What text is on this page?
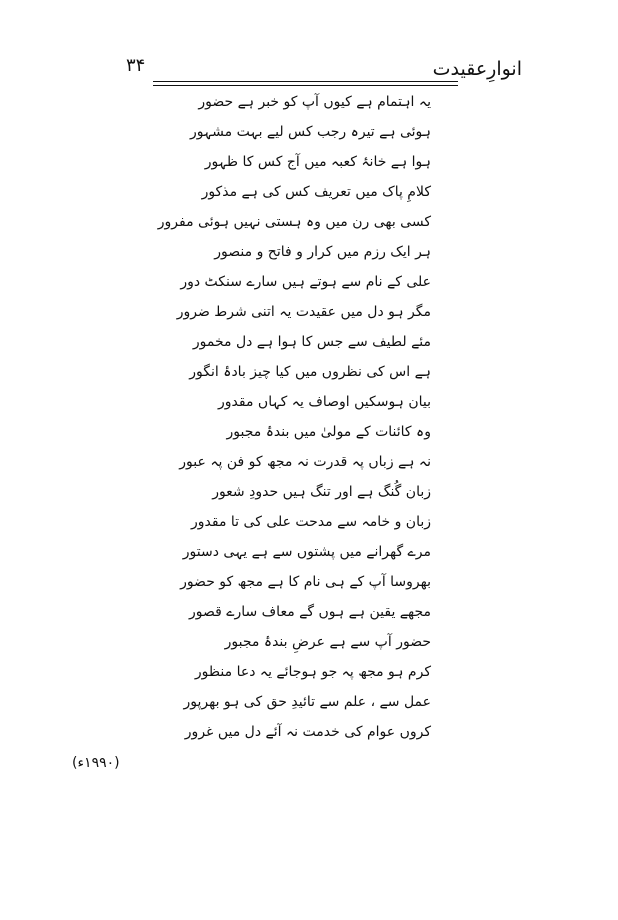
انوارِعقیدت
۳۴
یہ اہتمام ہے کیوں آپ کو خبر ہے حضور
ہوئی ہے تیرہ رجب کس لیے بہت مشہور
ہوا ہے خانۂ کعبہ میں آج کس کا ظہور
کلامِ پاک میں تعریف کس کی ہے مذکور
کسی بھی رن میں وہ ہستی نہیں ہوئی مفرور
ہر ایک رزم میں کرار و فاتح و منصور
علی کے نام سے ہوتے ہیں سارے سنکٹ دور
مگر ہو دل میں عقیدت یہ اتنی شرط ضرور
مئے لطیف سے جس کا ہوا ہے دل مخمور
ہے اس کی نظروں میں کیا چیز بادۂ انگور
بیان ہوسکیں اوصاف یہ کہاں مقدور
وہ کائنات کے مولیٰ میں بندۂ مجبور
نہ ہے زباں پہ قدرت نہ مجھ کو فن پہ عبور
زبان گُنگ ہے اور تنگ ہیں حدودِ شعور
زبان و خامہ سے مدحت علی کی تا مقدور
مرے گھرانے میں پشتوں سے ہے یہی دستور
بھروسا آپ کے ہی نام کا ہے مجھ کو حضور
مجھے یقین ہے ہوں گے معاف سارے قصور
حضور آپ سے ہے عرضِ بندۂ مجبور
کرم ہو مجھ پہ جو ہوجائے یہ دعا منظور
عمل سے ، علم سے تائیدِ حق کی ہو بھرپور
کروں عوام کی خدمت نہ آئے دل میں غرور
(۱۹۹۰ء)
